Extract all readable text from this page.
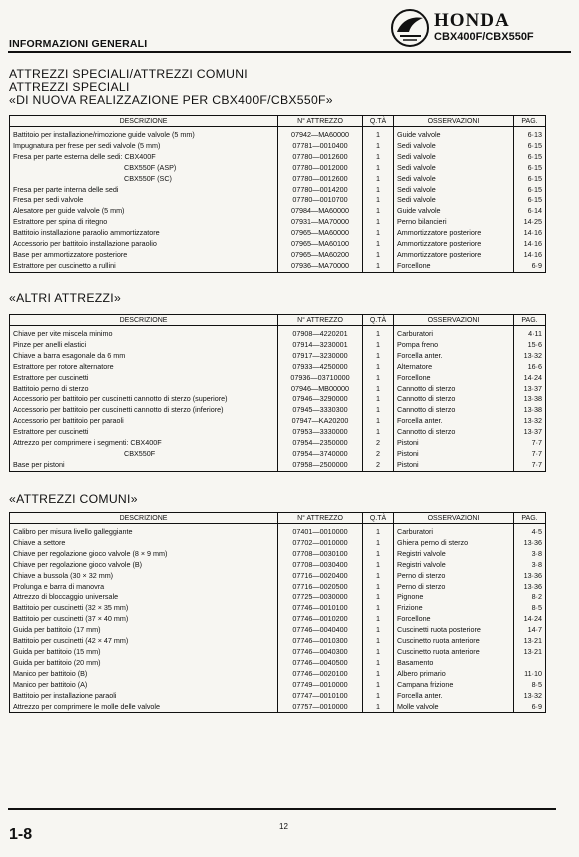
INFORMAZIONI GENERALI
HONDA
CBX400F/CBX550F
ATTREZZI SPECIALI/ATTREZZI COMUNI
ATTREZZI SPECIALI
«DI NUOVA REALIZZAZIONE PER CBX400F/CBX550F»
DESCRIZIONE	N° ATTREZZO	Q.TÀ	OSSERVAZIONI	PAG.
Battitoio per installazione/rimozione guide valvole (5 mm)	07942—MA60000	1	Guide valvole	6·13
Impugnatura per frese per sedi valvole (5 mm)	07781—0010400	1	Sedi valvole	6·15
Fresa per parte esterna delle sedi: CBX400F	07780—0012600	1	Sedi valvole	6·15
CBX550F (ASP)	07780—0012000	1	Sedi valvole	6·15
CBX550F (SC)	07780—0012600	1	Sedi valvole	6·15
Fresa per parte interna delle sedi	07780—0014200	1	Sedi valvole	6·15
Fresa per sedi valvole	07780—0010700	1	Sedi valvole	6·15
Alesatore per guide valvole (5 mm)	07984—MA60000	1	Guide valvole	6·14
Estrattore per spina di ritegno	07931—MA70000	1	Perno bilancieri	14·25
Battitoio installazione paraolio ammortizzatore	07965—MA60000	1	Ammortizzatore posteriore	14·16
Accessorio per battitoio installazione paraolio	07965—MA60100	1	Ammortizzatore posteriore	14·16
Base per ammortizzatore posteriore	07965—MA60200	1	Ammortizzatore posteriore	14·16
Estrattore per cuscinetto a rullini	07936—MA70000	1	Forcellone	6·9
«ALTRI ATTREZZI»
DESCRIZIONE	N° ATTREZZO	Q.TÀ	OSSERVAZIONI	PAG.
Chiave per vite miscela minimo	07908—4220201	1	Carburatori	4·11
Pinze per anelli elastici	07914—3230001	1	Pompa freno	15·6
Chiave a barra esagonale da 6 mm	07917—3230000	1	Forcella anter.	13·32
Estrattore per rotore alternatore	07933—4250000	1	Alternatore	16·6
Estrattore per cuscinetti	07936—03710000	1	Forcellone	14·24
Battitoio perno di sterzo	07946—MB00000	1	Cannotto di sterzo	13·37
Accessorio per battitoio per cuscinetti cannotto di sterzo (superiore)	07946—3290000	1	Cannotto di sterzo	13·38
Accessorio per battitoio per cuscinetti cannotto di sterzo (inferiore)	07945—3330300	1	Cannotto di sterzo	13·38
Accessorio per battitoio per paraoli	07947—KA20200	1	Forcella anter.	13·32
Estrattore per cuscinetti	07953—3330000	1	Cannotto di sterzo	13·37
Attrezzo per comprimere i segmenti: CBX400F	07954—2350000	2	Pistoni	7·7
CBX550F	07954—3740000	2	Pistoni	7·7
Base per pistoni	07958—2500000	2	Pistoni	7·7
«ATTREZZI COMUNI»
DESCRIZIONE	N° ATTREZZO	Q.TÀ	OSSERVAZIONI	PAG.
Calibro per misura livello galleggiante	07401—0010000	1	Carburatori	4·5
Chiave a settore	07702—0010000	1	Ghiera perno di sterzo	13·36
Chiave per regolazione gioco valvole (8 × 9 mm)	07708—0030100	1	Registri valvole	3·8
Chiave per regolazione gioco valvole (B)	07708—0030400	1	Registri valvole	3·8
Chiave a bussola (30 × 32 mm)	07716—0020400	1	Perno di sterzo	13·36
Prolunga e barra di manovra	07716—0020500	1	Perno di sterzo	13·36
Attrezzo di bloccaggio universale	07725—0030000	1	Pignone	8·2
Battitoio per cuscinetti (32 × 35 mm)	07746—0010100	1	Frizione	8·5
Battitoio per cuscinetti (37 × 40 mm)	07746—0010200	1	Forcellone	14·24
Guida per battitoio (17 mm)	07746—0040400	1	Cuscinetti ruota posteriore	14·7
Battitoio per cuscinetti (42 × 47 mm)	07746—0010300	1	Cuscinetto ruota anteriore	13·21
Guida per battitoio (15 mm)	07746—0040300	1	Cuscinetto ruota anteriore	13·21
Guida per battitoio (20 mm)	07746—0040500	1	Basamento	
Manico per battitoio (B)	07746—0020100	1	Albero primario	11·10
Manico per battitoio (A)	07749—0010000	1	Campana frizione	8·5
Battitoio per installazione paraoli	07747—0010100	1	Forcella anter.	13·32
Attrezzo per comprimere le molle delle valvole	07757—0010000	1	Molle valvole	6·9
12
1-8
